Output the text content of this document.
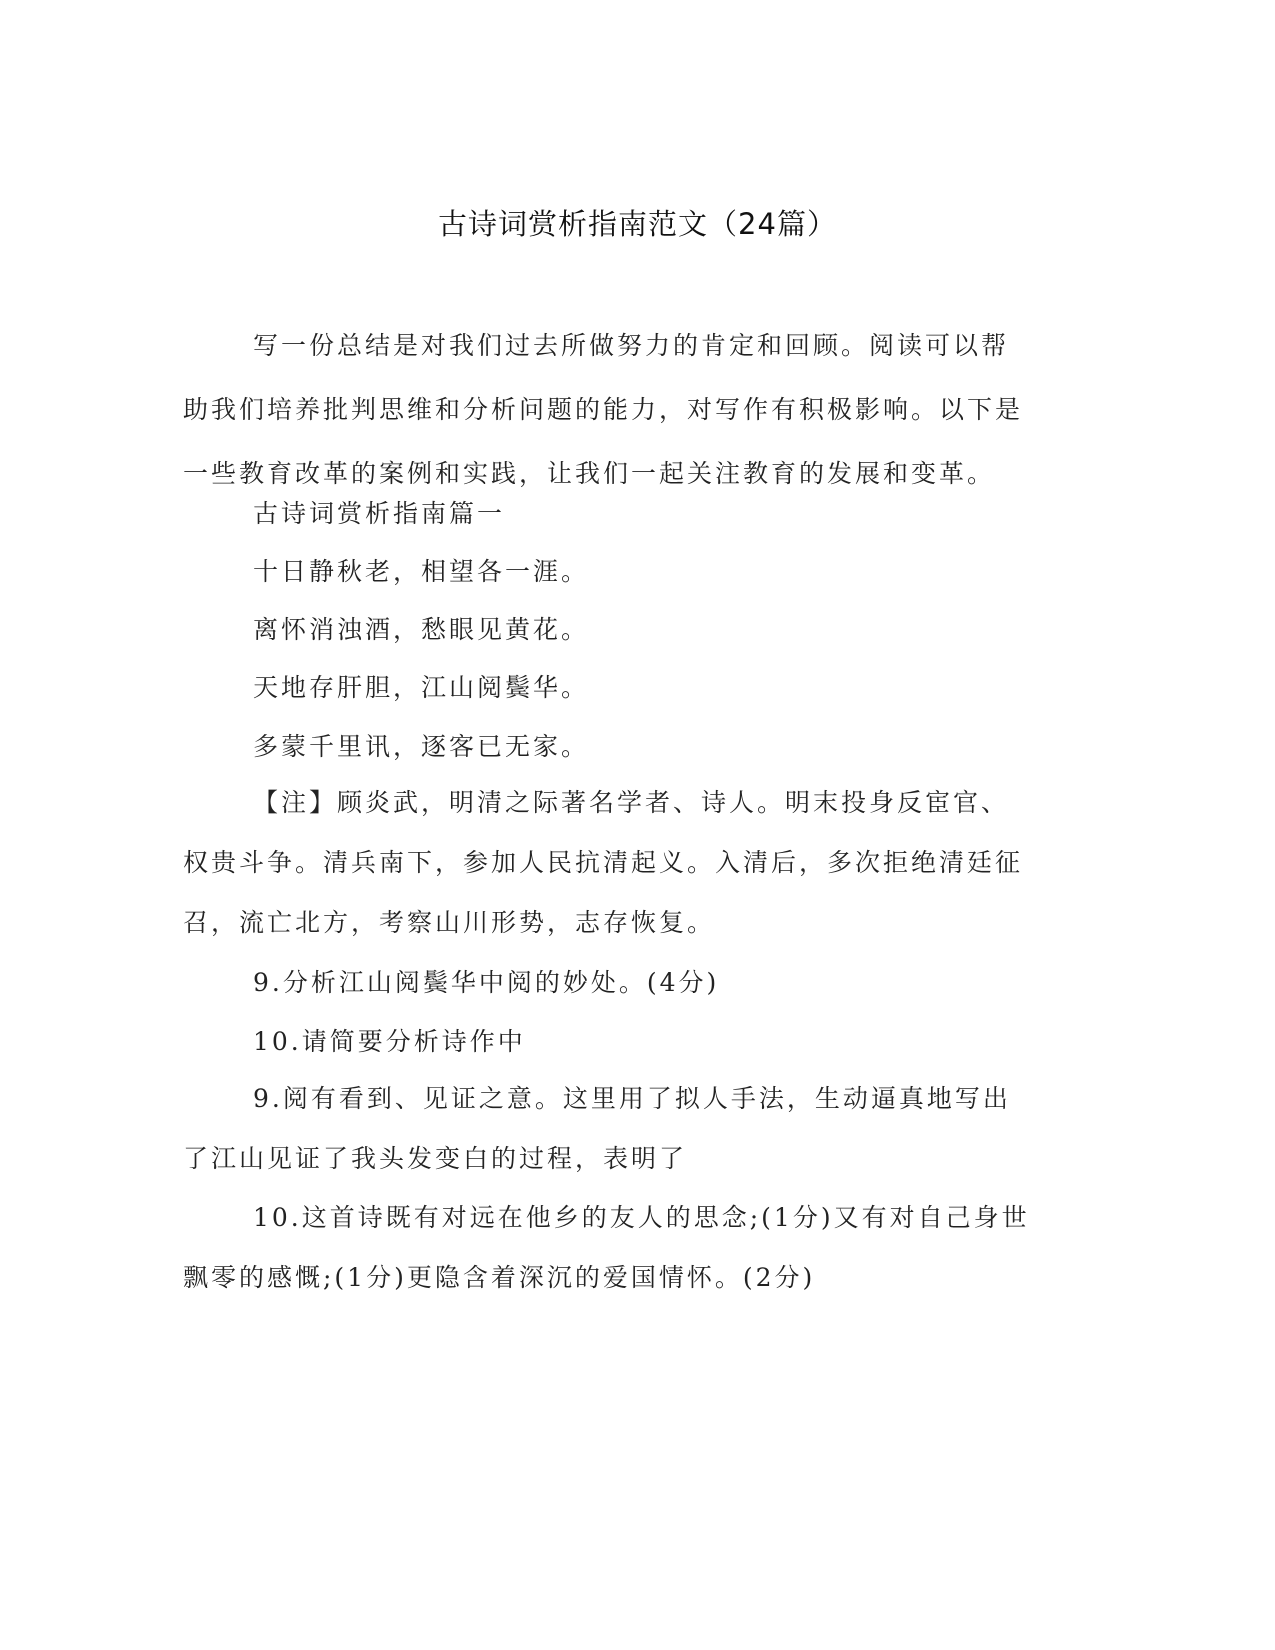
古诗词赏析指南范文（24篇）
写一份总结是对我们过去所做努力的肯定和回顾。阅读可以帮助我们培养批判思维和分析问题的能力，对写作有积极影响。以下是一些教育改革的案例和实践，让我们一起关注教育的发展和变革。
古诗词赏析指南篇一
十日静秋老，相望各一涯。
离怀消浊酒，愁眼见黄花。
天地存肝胆，江山阅鬓华。
多蒙千里讯，逐客已无家。
【注】顾炎武，明清之际著名学者、诗人。明末投身反宦官、权贵斗争。清兵南下，参加人民抗清起义。入清后，多次拒绝清廷征召，流亡北方，考察山川形势，志存恢复。
9.分析江山阅鬓华中阅的妙处。(4分)
10.请简要分析诗作中
9.阅有看到、见证之意。这里用了拟人手法，生动逼真地写出了江山见证了我头发变白的过程，表明了
10.这首诗既有对远在他乡的友人的思念;(1分)又有对自己身世飘零的感慨;(1分)更隐含着深沉的爱国情怀。(2分)
